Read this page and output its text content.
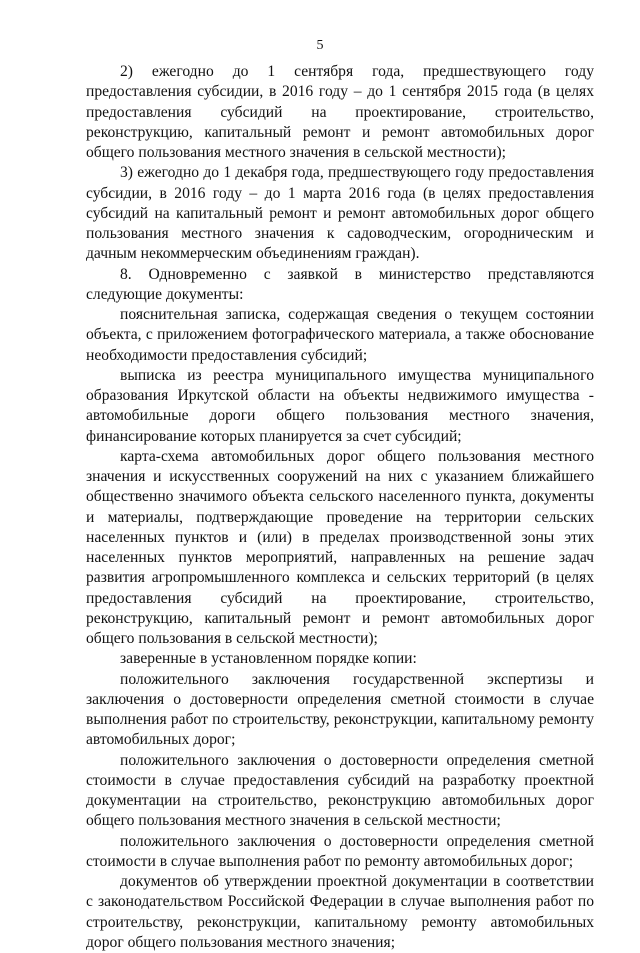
5

2) ежегодно до 1 сентября года, предшествующего году предоставления субсидии, в 2016 году – до 1 сентября 2015 года (в целях предоставления субсидий на проектирование, строительство, реконструкцию, капитальный ремонт и ремонт автомобильных дорог общего пользования местного значения в сельской местности);

3) ежегодно до 1 декабря года, предшествующего году предоставления субсидии, в 2016 году – до 1 марта 2016 года (в целях предоставления субсидий на капитальный ремонт и ремонт автомобильных дорог общего пользования местного значения к садоводческим, огородническим и дачным некоммерческим объединениям граждан).

8. Одновременно с заявкой в министерство представляются следующие документы:

пояснительная записка, содержащая сведения о текущем состоянии объекта, с приложением фотографического материала, а также обоснование необходимости предоставления субсидий;

выписка из реестра муниципального имущества муниципального образования Иркутской области на объекты недвижимого имущества - автомобильные дороги общего пользования местного значения, финансирование которых планируется за счет субсидий;

карта-схема автомобильных дорог общего пользования местного значения и искусственных сооружений на них с указанием ближайшего общественно значимого объекта сельского населенного пункта, документы и материалы, подтверждающие проведение на территории сельских населенных пунктов и (или) в пределах производственной зоны этих населенных пунктов мероприятий, направленных на решение задач развития агропромышленного комплекса и сельских территорий (в целях предоставления субсидий на проектирование, строительство, реконструкцию, капитальный ремонт и ремонт автомобильных дорог общего пользования в сельской местности);

заверенные в установленном порядке копии:

положительного заключения государственной экспертизы и заключения о достоверности определения сметной стоимости в случае выполнения работ по строительству, реконструкции, капитальному ремонту автомобильных дорог;

положительного заключения о достоверности определения сметной стоимости в случае предоставления субсидий на разработку проектной документации на строительство, реконструкцию автомобильных дорог общего пользования местного значения в сельской местности;

положительного заключения о достоверности определения сметной стоимости в случае выполнения работ по ремонту автомобильных дорог;

документов об утверждении проектной документации в соответствии с законодательством Российской Федерации в случае выполнения работ по строительству, реконструкции, капитальному ремонту автомобильных дорог общего пользования местного значения;
